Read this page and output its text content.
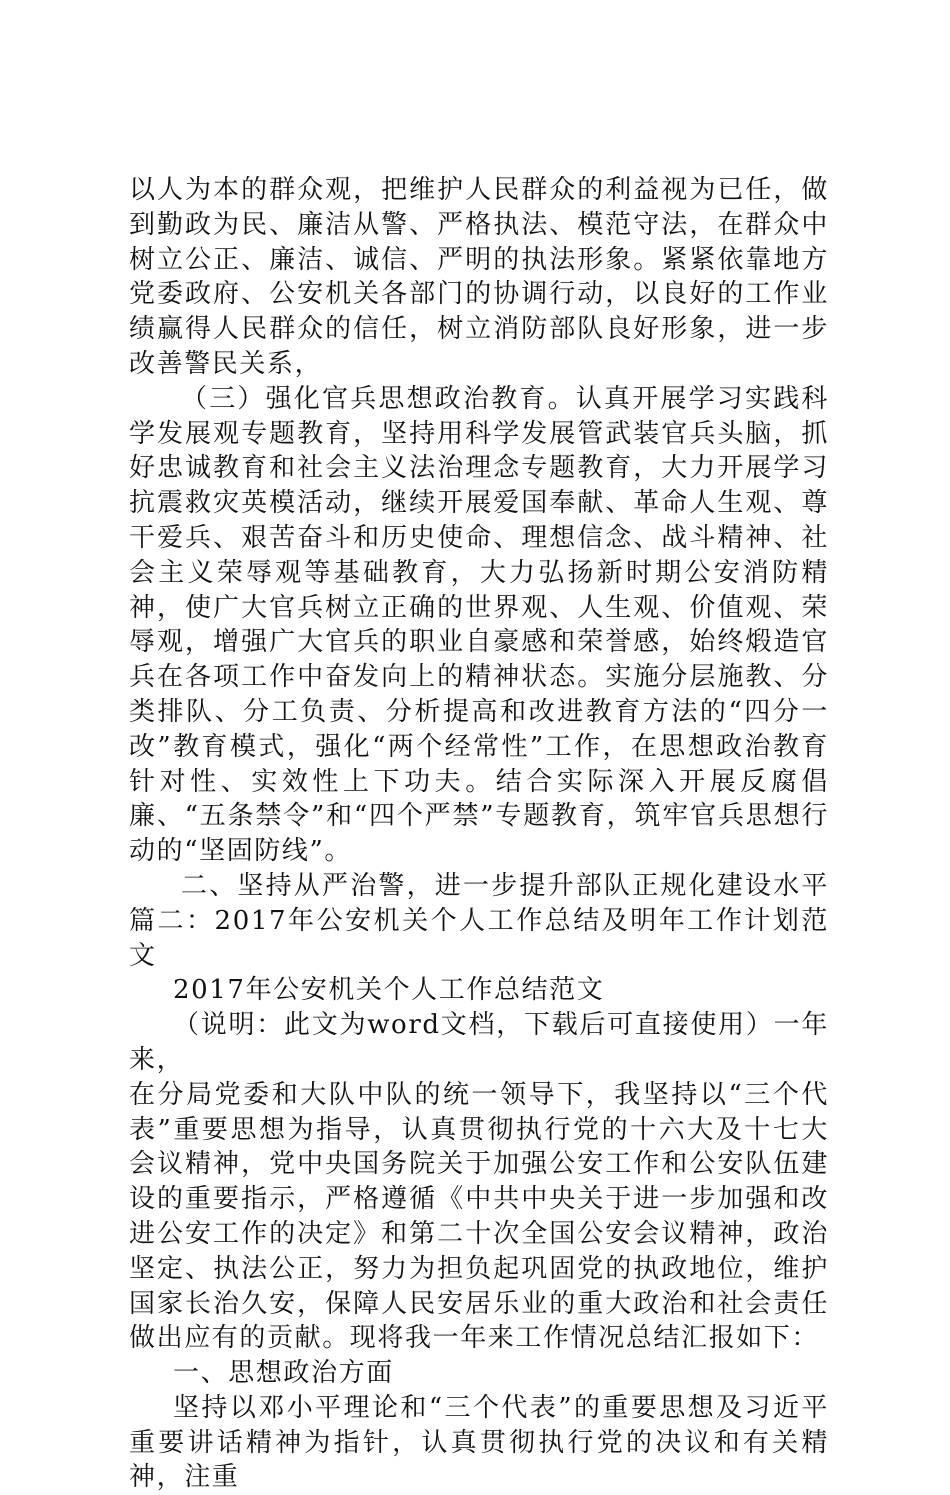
以人为本的群众观，把维护人民群众的利益视为已任，做到勤政为民、廉洁从警、严格执法、模范守法，在群众中树立公正、廉洁、诚信、严明的执法形象。紧紧依靠地方党委政府、公安机关各部门的协调行动，以良好的工作业绩赢得人民群众的信任，树立消防部队良好形象，进一步改善警民关系，

（三）强化官兵思想政治教育。认真开展学习实践科学发展观专题教育，坚持用科学发展管武装官兵头脑，抓好忠诚教育和社会主义法治理念专题教育，大力开展学习抗震救灾英模活动，继续开展爱国奉献、革命人生观、尊干爱兵、艰苦奋斗和历史使命、理想信念、战斗精神、社会主义荣辱观等基础教育，大力弘扬新时期公安消防精神，使广大官兵树立正确的世界观、人生观、价值观、荣辱观，增强广大官兵的职业自豪感和荣誉感，始终煅造官兵在各项工作中奋发向上的精神状态。实施分层施教、分类排队、分工负责、分析提高和改进教育方法的“四分一改”教育模式，强化“两个经常性”工作，在思想政治教育针对性、实效性上下功夫。结合实际深入开展反腐倡廉、“五条禁令”和“四个严禁”专题教育，筑牢官兵思想行动的“坚固防线”。

二、坚持从严治警，进一步提升部队正规化建设水平篇二：2017年公安机关个人工作总结及明年工作计划范文

2017年公安机关个人工作总结范文

（说明：此文为word文档，下载后可直接使用）一年来，

在分局党委和大队中队的统一领导下，我坚持以“三个代表”重要思想为指导，认真贯彻执行党的十六大及十七大会议精神，党中央国务院关于加强公安工作和公安队伍建设的重要指示，严格遵循《中共中央关于进一步加强和改进公安工作的决定》和第二十次全国公安会议精神，政治坚定、执法公正，努力为担负起巩固党的执政地位，维护国家长治久安，保障人民安居乐业的重大政治和社会责任做出应有的贡献。现将我一年来工作情况总结汇报如下：

一、思想政治方面

坚持以邓小平理论和“三个代表”的重要思想及习近平重要讲话精神为指针，认真贯彻执行党的决议和有关精神，注重
